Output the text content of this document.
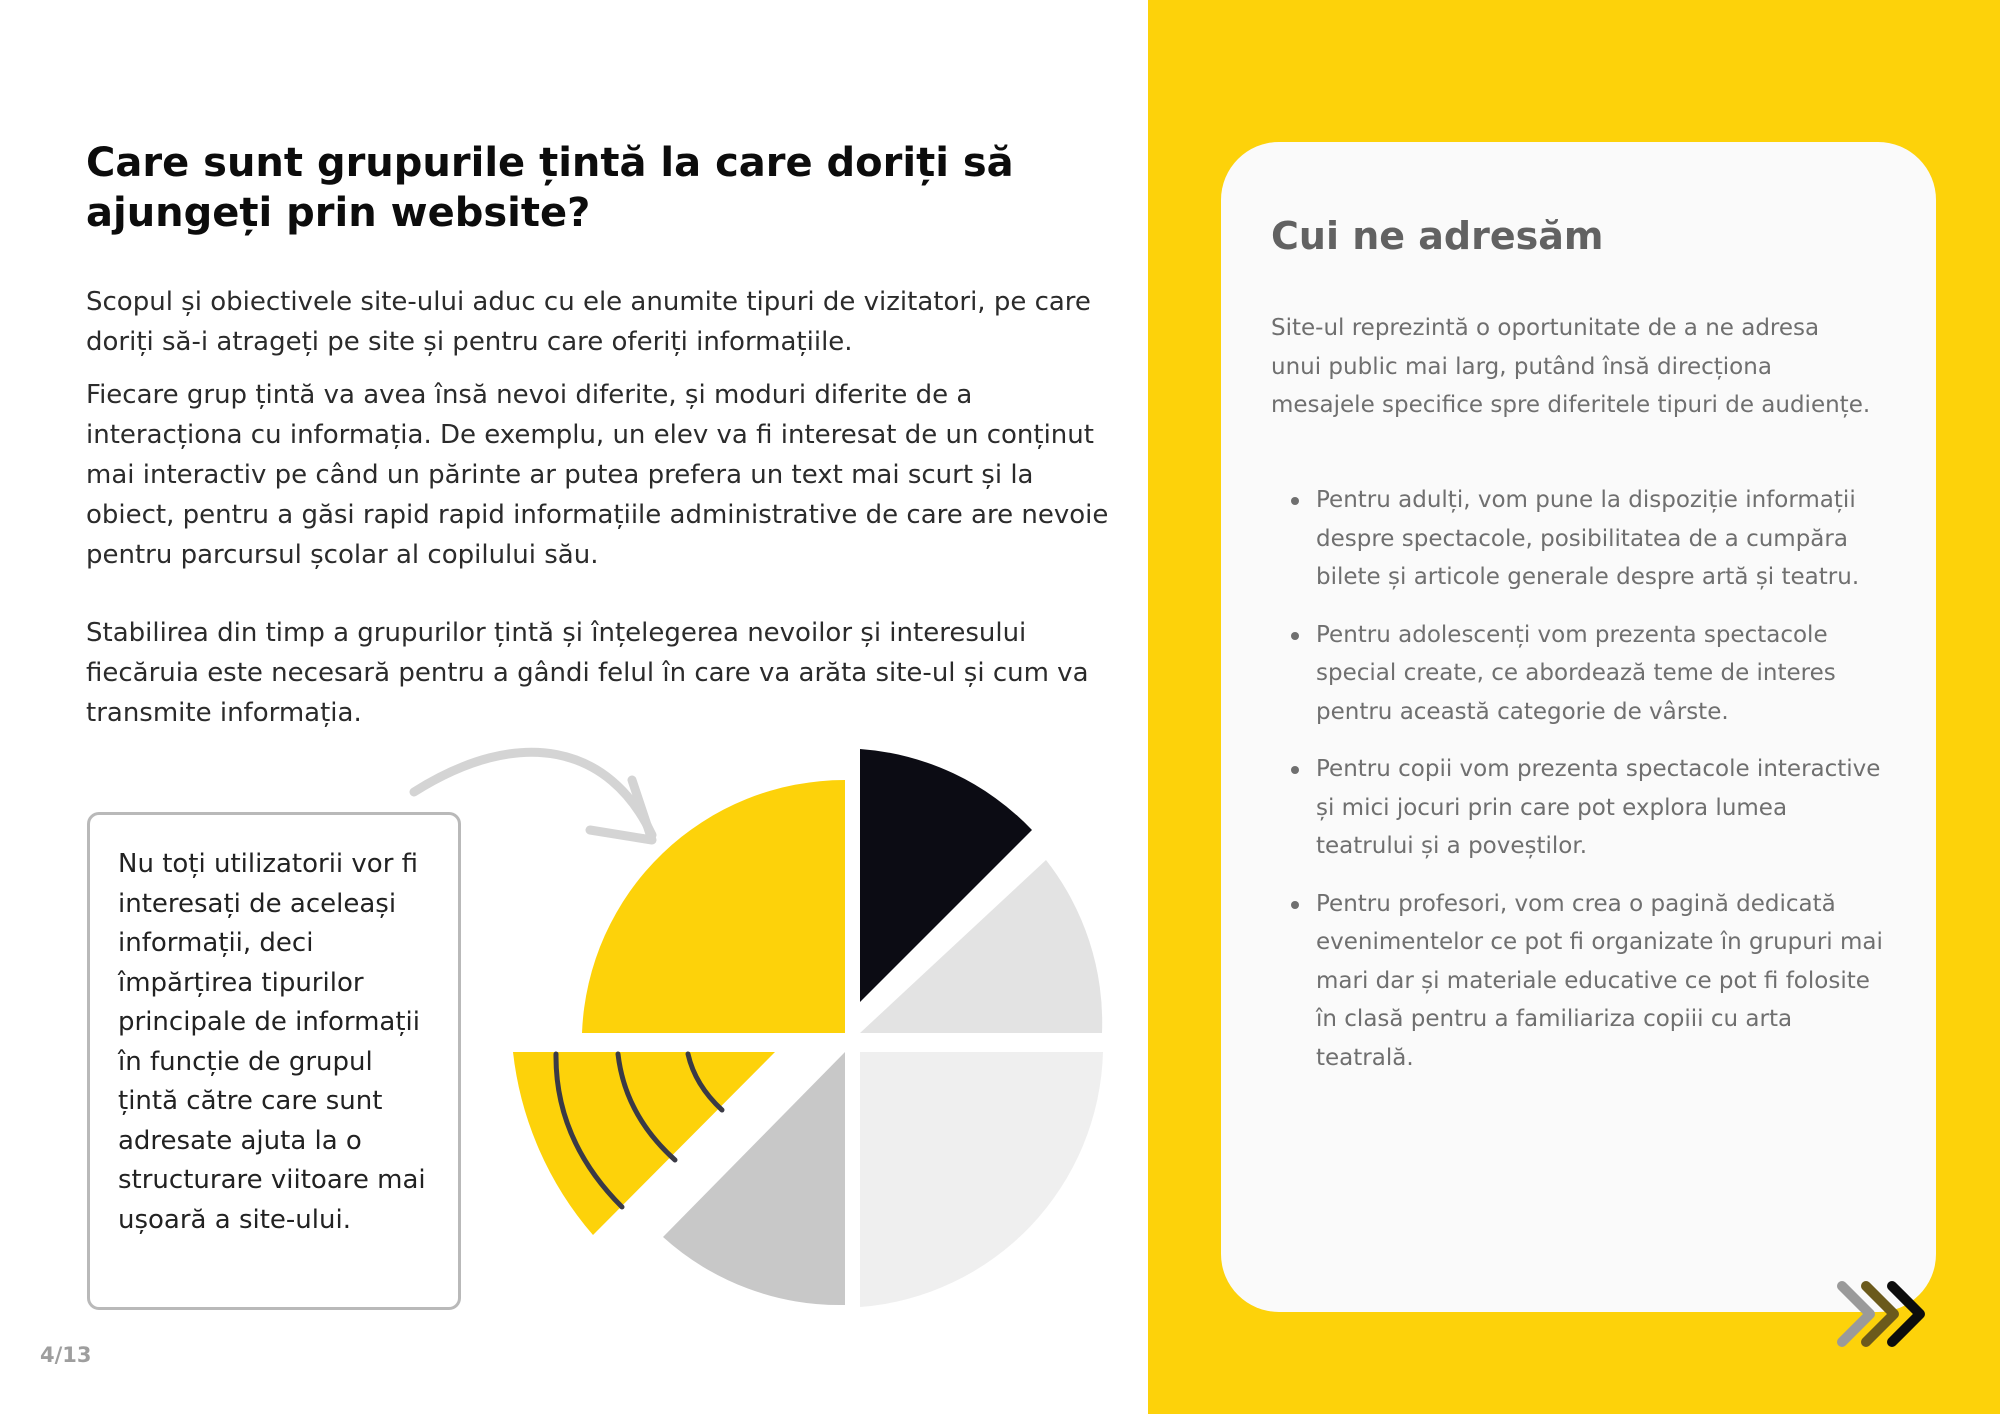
Care sunt grupurile țintă la care doriți să ajungeți prin website?

Scopul și obiectivele site-ului aduc cu ele anumite tipuri de vizitatori, pe care doriți să-i atrageți pe site și pentru care oferiți informațiile.

Fiecare grup țintă va avea însă nevoi diferite, și moduri diferite de a interacționa cu informația. De exemplu, un elev va fi interesat de un conținut mai interactiv pe când un părinte ar putea prefera un text mai scurt și la obiect, pentru a găsi rapid rapid informațiile administrative de care are nevoie pentru parcursul școlar al copilului său.

Stabilirea din timp a grupurilor țintă și înțelegerea nevoilor și interesului fiecăruia este necesară pentru a gândi felul în care va arăta site-ul și cum va transmite informația.

Nu toți utilizatorii vor fi interesați de aceleași informații, deci împărțirea tipurilor principale de informații în funcție de grupul țintă către care sunt adresate ajuta la o structurare viitoare mai ușoară a site-ului.

4/13
Cui ne adresăm

Site-ul reprezintă o oportunitate de a ne adresa unui public mai larg, putând însă direcționa mesajele specifice spre diferitele tipuri de audiențe.

Pentru adulți, vom pune la dispoziție informații despre spectacole, posibilitatea de a cumpăra bilete și articole generale despre artă și teatru.
Pentru adolescenți vom prezenta spectacole special create, ce abordează teme de interes pentru această categorie de vârste.
Pentru copii vom prezenta spectacole interactive și mici jocuri prin care pot explora lumea teatrului și a poveștilor.
Pentru profesori, vom crea o pagină dedicată evenimentelor ce pot fi organizate în grupuri mai mari dar și materiale educative ce pot fi folosite în clasă pentru a familiariza copiii cu arta teatrală.
